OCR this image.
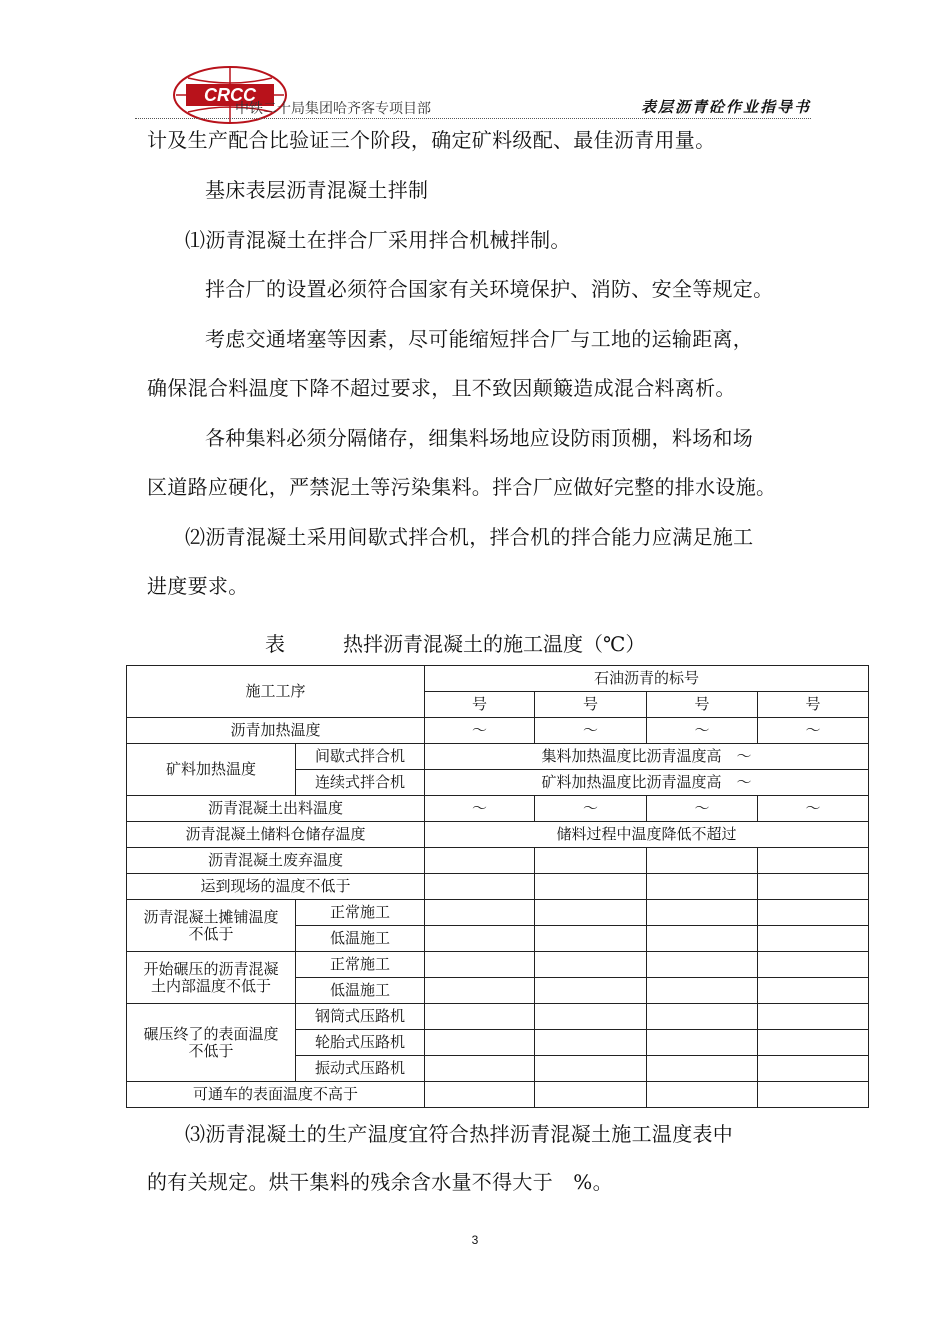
CRCC
中铁二十局集团哈齐客专项目部	表层沥青砼作业指导书
计及生产配合比验证三个阶段，确定矿料级配、最佳沥青用量。
基床表层沥青混凝土拌制
⑴沥青混凝土在拌合厂采用拌合机械拌制。
拌合厂的设置必须符合国家有关环境保护、消防、安全等规定。
考虑交通堵塞等因素，尽可能缩短拌合厂与工地的运输距离，
确保混合料温度下降不超过要求，且不致因颠簸造成混合料离析。
各种集料必须分隔储存，细集料场地应设防雨顶棚，料场和场
区道路应硬化，严禁泥土等污染集料。拌合厂应做好完整的排水设施。
⑵沥青混凝土采用间歇式拌合机，拌合机的拌合能力应满足施工
进度要求。
表	热拌沥青混凝土的施工温度（℃）
施工工序		石油沥青的标号			
		号	号	号	号
沥青加热温度		～	～	～	～
矿料加热温度	间歇式拌合机	集料加热温度比沥青温度高　～			
	连续式拌合机	矿料加热温度比沥青温度高　～			
沥青混凝土出料温度		～	～	～	～
沥青混凝土储料仓储存温度		储料过程中温度降低不超过			
沥青混凝土废弃温度					
运到现场的温度不低于					
沥青混凝土摊铺温度
不低于	正常施工				
	低温施工				
开始碾压的沥青混凝
土内部温度不低于	正常施工				
	低温施工				
碾压终了的表面温度
不低于	钢筒式压路机				
	轮胎式压路机				
	振动式压路机				
可通车的表面温度不高于					
⑶沥青混凝土的生产温度宜符合热拌沥青混凝土施工温度表中
的有关规定。烘干集料的残余含水量不得大于　%。
3
